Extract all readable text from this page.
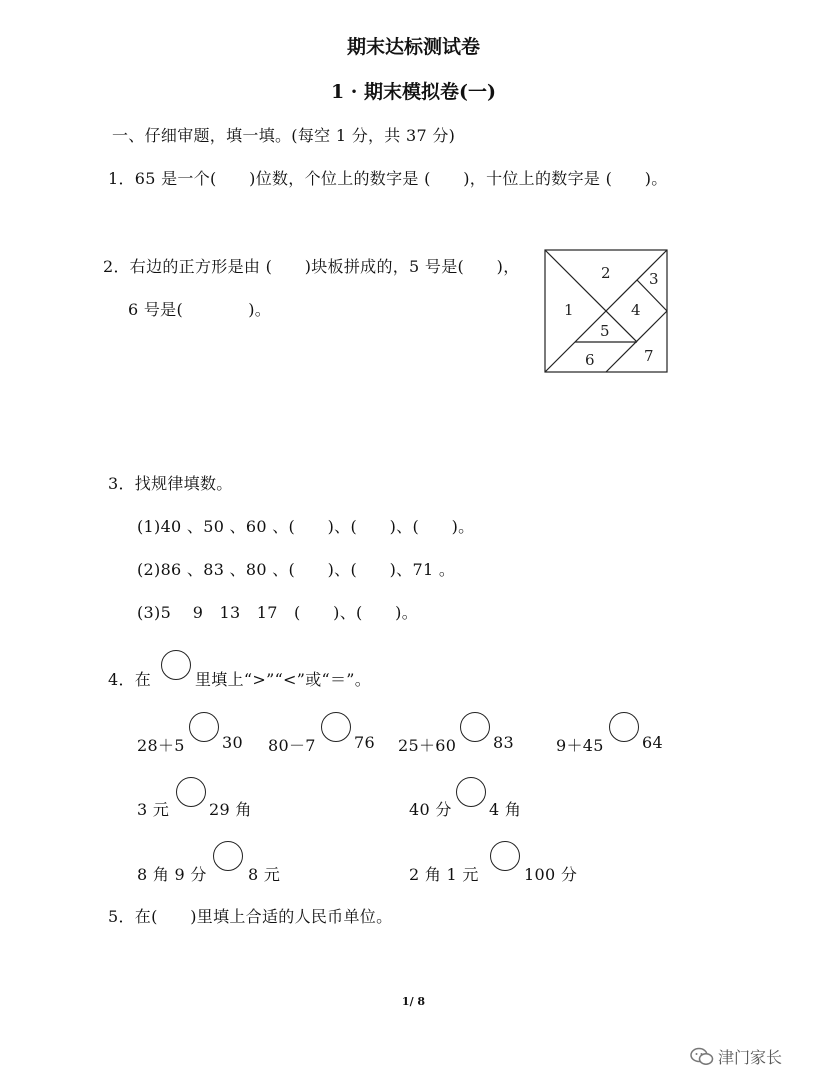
期末达标测试卷
1 · 期末模拟卷(一)
一、仔细审题，填一填。(每空 1 分，共 37 分)
1．65 是一个(　　)位数，个位上的数字是 (　　)，十位上的数字是 (　　)。
2．右边的正方形是由 (　　)块板拼成的，5 号是(　　)，
6 号是(　　　　)。	1
2	3
4
5
6	7
3．找规律填数。
(1)40 、50 、60 、(　　)、(　　)、(　　)。
(2)86 、83 、80 、(　　)、(　　)、71 。
(3)5　 9　13　17　(　　)、(　　)。
4．在	里填上“>”“<”或“＝”。
28＋5 30 80－7 76 25＋60 83	9＋45 64
3 元 29 角	40 分 4 角
8 角 9 分	8 元	2 角 1 元	100 分
5．在(　　)里填上合适的人民币单位。
1/ 8
津门家长
